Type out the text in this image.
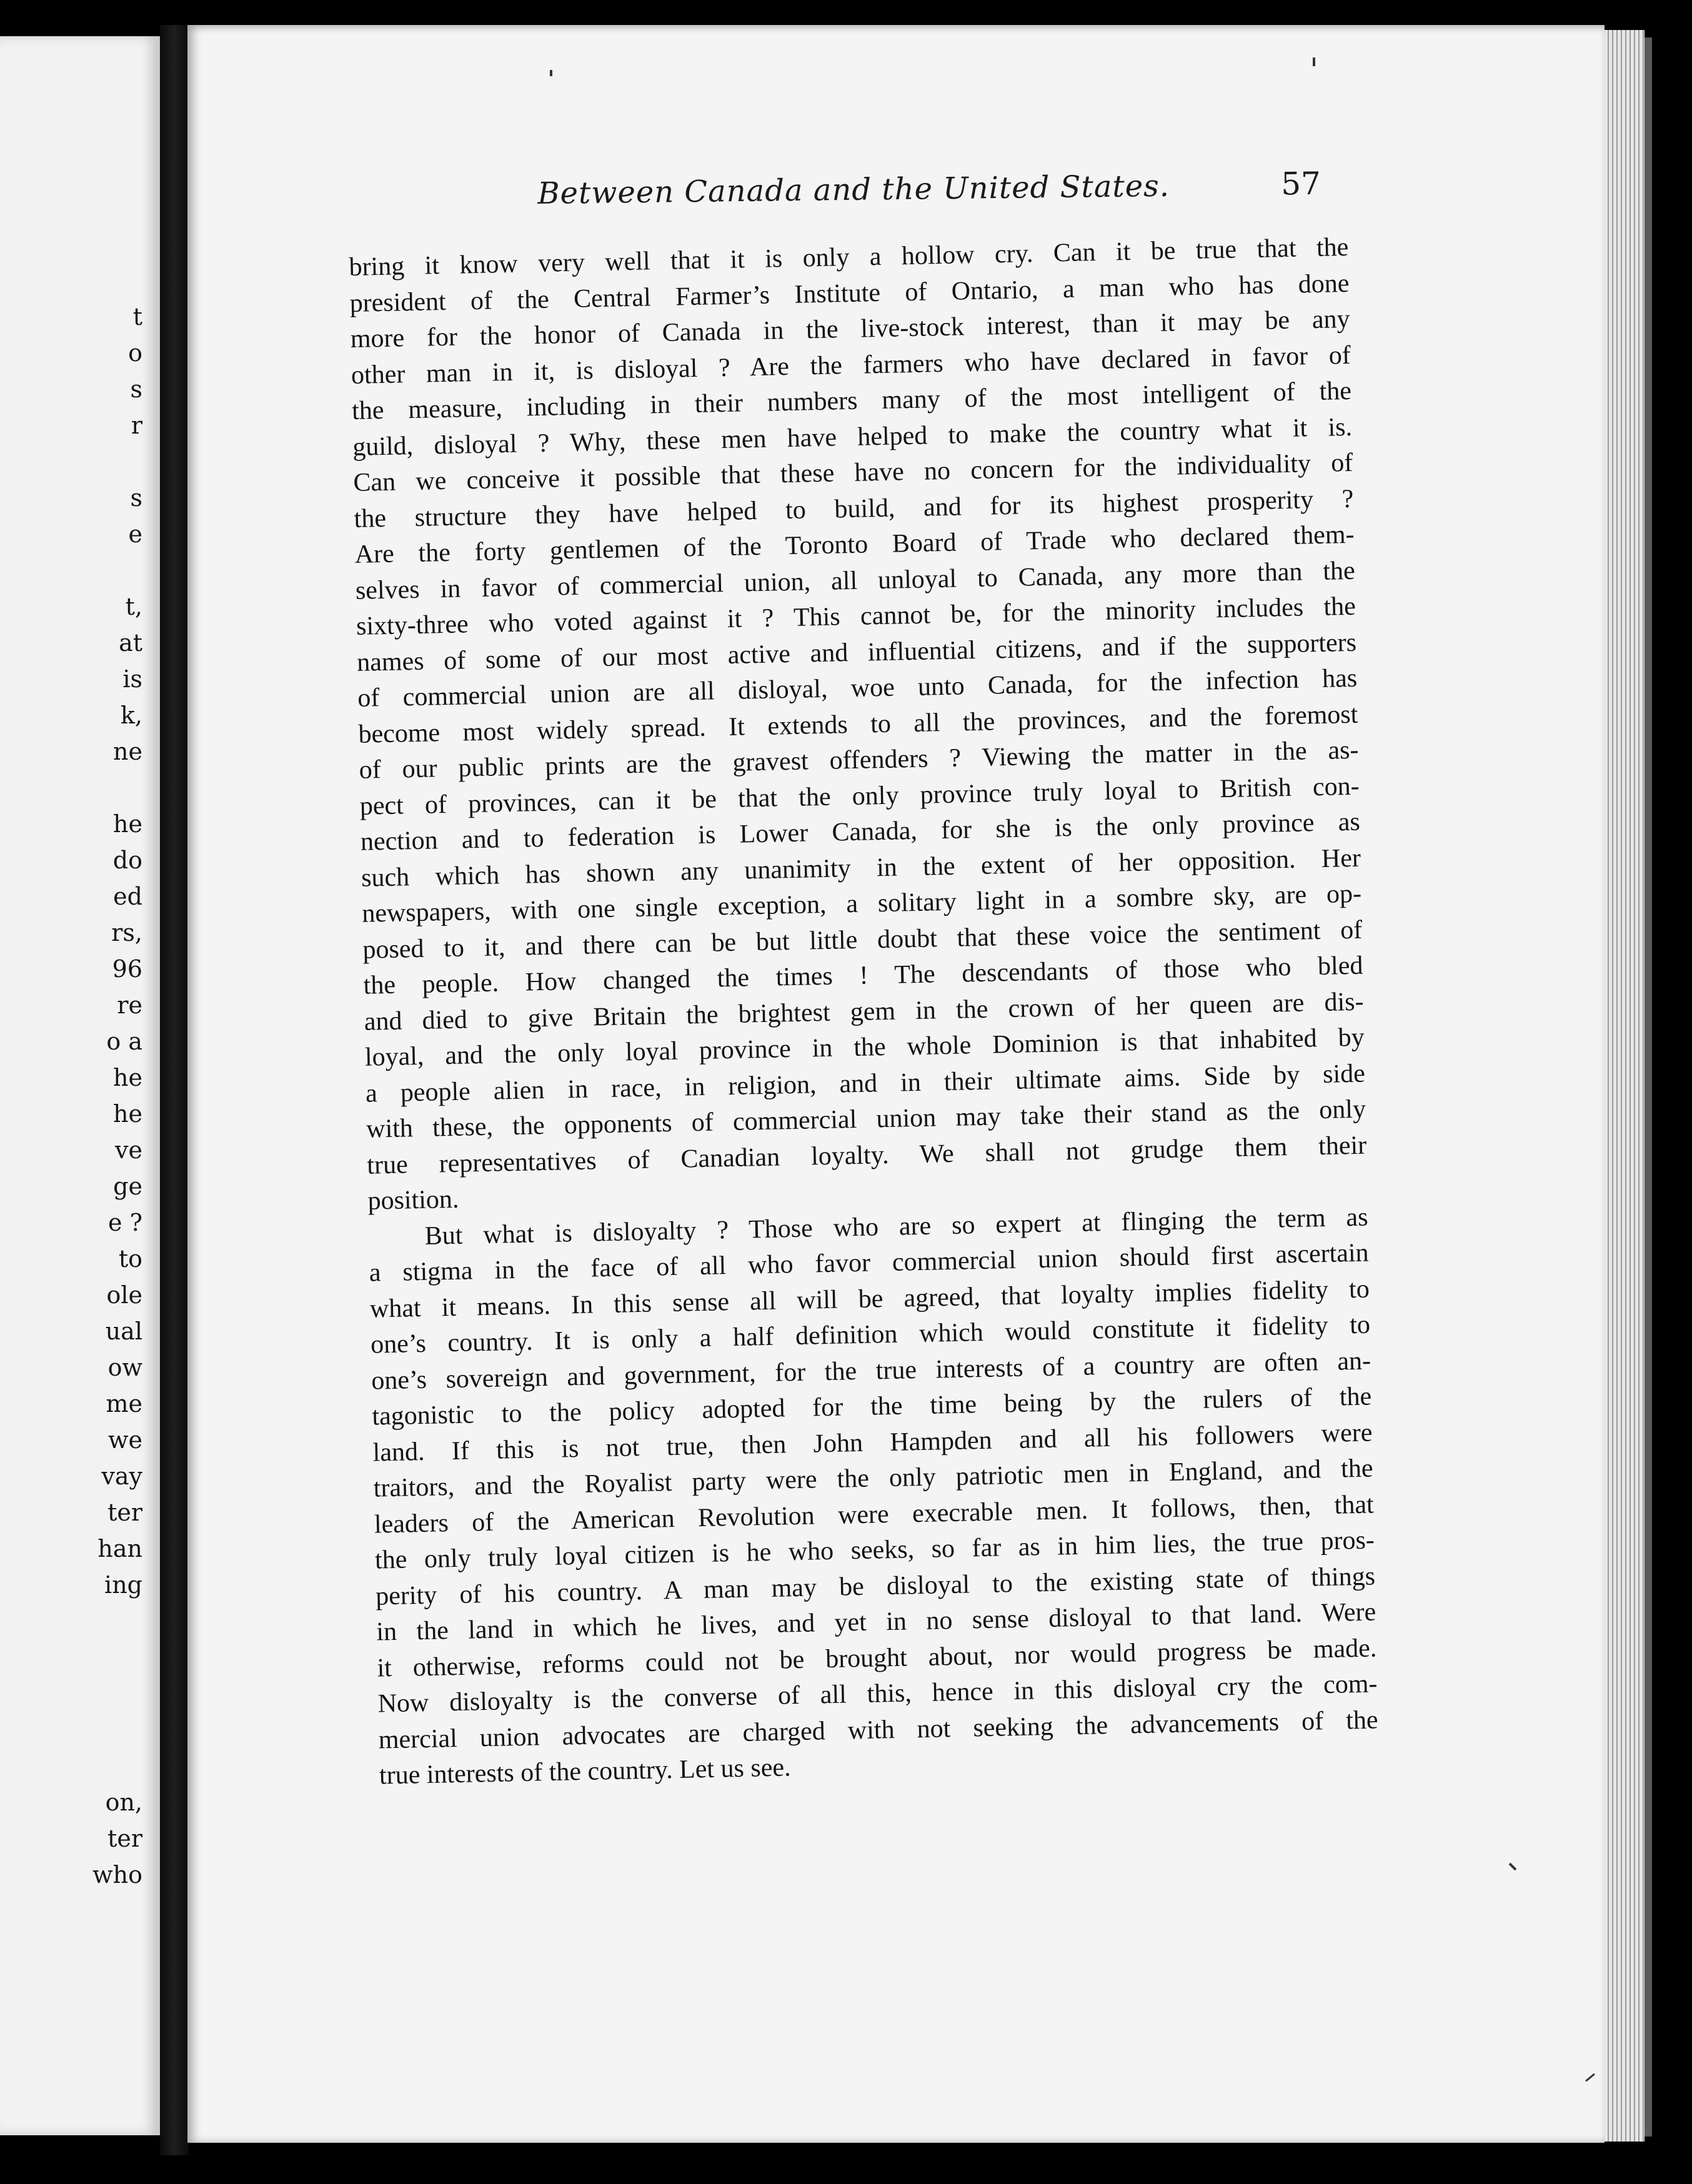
t
o
s
r
s
e
t,
at
is
k,
ne
he
do
ed
rs,
96
re
o a
he
he
ve
ge
e ?
to
ole
ual
ow
me
we
vay
ter
han
ing
on,
ter
who
Between Canada and the United States.	57
bring it know very well that it is only a hollow cry. Can it be true that the
president of the Central Farmer’s Institute of Ontario, a man who has done
more for the honor of Canada in the live-stock interest, than it may be any
other man in it, is disloyal ? Are the farmers who have declared in favor of
the measure, including in their numbers many of the most intelligent of the
guild, disloyal ? Why, these men have helped to make the country what it is.
Can we conceive it possible that these have no concern for the individuality of
the structure they have helped to build, and for its highest prosperity ?
Are the forty gentlemen of the Toronto Board of Trade who declared them-
selves in favor of commercial union, all unloyal to Canada, any more than the
sixty-three who voted against it ? This cannot be, for the minority includes the
names of some of our most active and influential citizens, and if the supporters
of commercial union are all disloyal, woe unto Canada, for the infection has
become most widely spread. It extends to all the provinces, and the foremost
of our public prints are the gravest offenders ? Viewing the matter in the as-
pect of provinces, can it be that the only province truly loyal to British con-
nection and to federation is Lower Canada, for she is the only province as
such which has shown any unanimity in the extent of her opposition. Her
newspapers, with one single exception, a solitary light in a sombre sky, are op-
posed to it, and there can be but little doubt that these voice the sentiment of
the people. How changed the times ! The descendants of those who bled
and died to give Britain the brightest gem in the crown of her queen are dis-
loyal, and the only loyal province in the whole Dominion is that inhabited by
a people alien in race, in religion, and in their ultimate aims. Side by side
with these, the opponents of commercial union may take their stand as the only
true representatives of Canadian loyalty. We shall not grudge them their
position.
But what is disloyalty ? Those who are so expert at flinging the term as
a stigma in the face of all who favor commercial union should first ascertain
what it means. In this sense all will be agreed, that loyalty implies fidelity to
one’s country. It is only a half definition which would constitute it fidelity to
one’s sovereign and government, for the true interests of a country are often an-
tagonistic to the policy adopted for the time being by the rulers of the
land. If this is not true, then John Hampden and all his followers were
traitors, and the Royalist party were the only patriotic men in England, and the
leaders of the American Revolution were execrable men. It follows, then, that
the only truly loyal citizen is he who seeks, so far as in him lies, the true pros-
perity of his country. A man may be disloyal to the existing state of things
in the land in which he lives, and yet in no sense disloyal to that land. Were
it otherwise, reforms could not be brought about, nor would progress be made.
Now disloyalty is the converse of all this, hence in this disloyal cry the com-
mercial union advocates are charged with not seeking the advancements of the
true interests of the country. Let us see.
